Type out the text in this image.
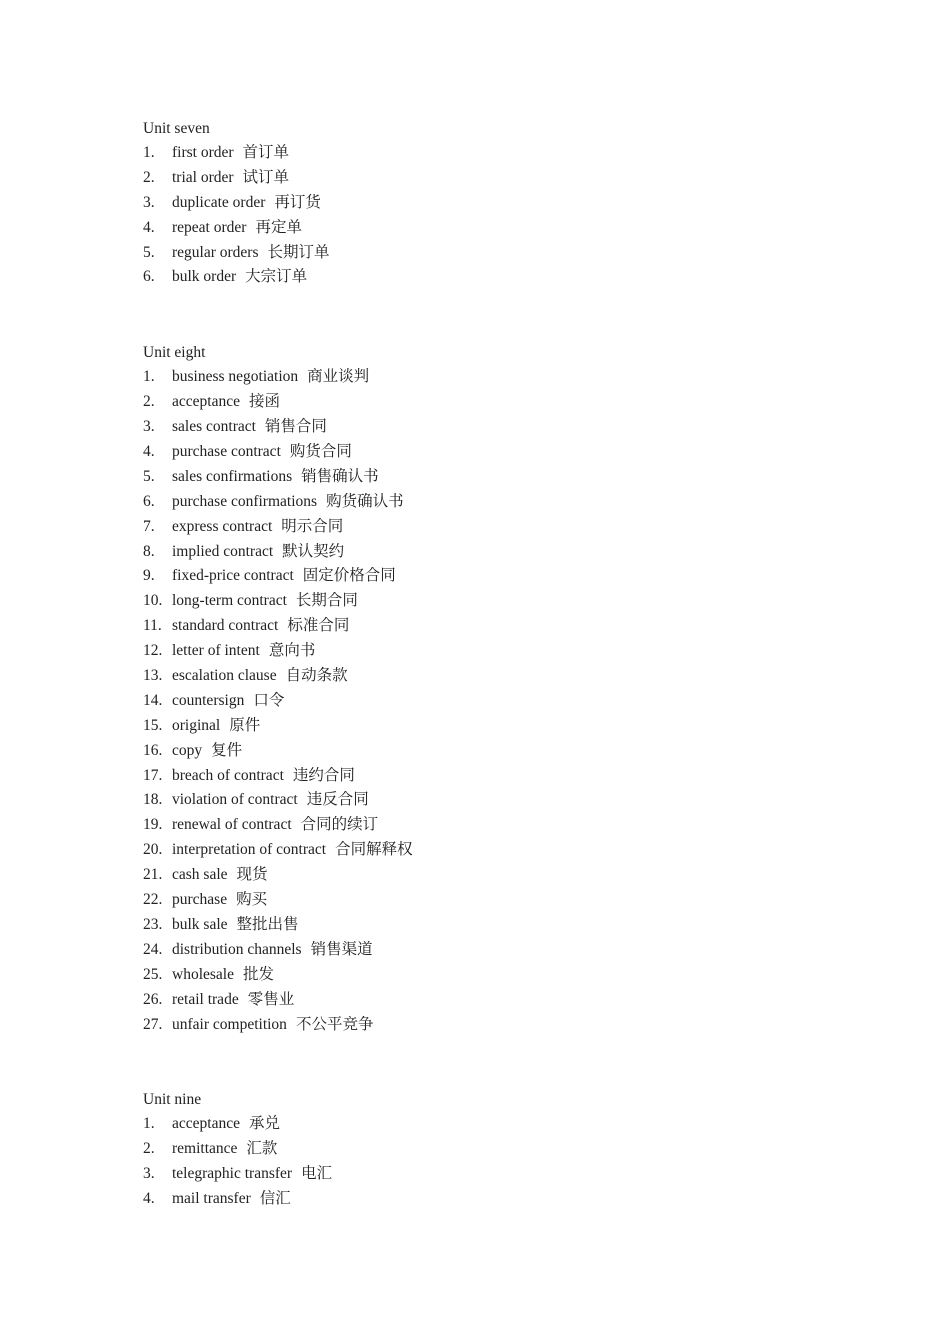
Unit seven
1.	first order 首订单
2.	trial order 试订单
3.	duplicate order 再订货
4.	repeat order 再定单
5.	regular orders 长期订单
6.	bulk order 大宗订单
Unit eight
1.	business negotiation 商业谈判
2.	acceptance 接函
3.	sales contract 销售合同
4.	purchase contract 购货合同
5.	sales confirmations 销售确认书
6.	purchase confirmations 购货确认书
7.	express contract 明示合同
8.	implied contract 默认契约
9.	fixed-price contract 固定价格合同
10. long-term contract 长期合同
11. standard contract 标准合同
12. letter of intent 意向书
13. escalation clause 自动条款
14. countersign 口令
15. original 原件
16. copy 复件
17. breach of contract 违约合同
18. violation of contract 违反合同
19. renewal of contract 合同的续订
20. interpretation of contract 合同解释权
21. cash sale 现货
22. purchase 购买
23. bulk sale 整批出售
24. distribution channels 销售渠道
25. wholesale 批发
26. retail trade 零售业
27. unfair competition 不公平竞争
Unit nine
1.	acceptance 承兑
2.	remittance 汇款
3.	telegraphic transfer 电汇
4.	mail transfer 信汇
